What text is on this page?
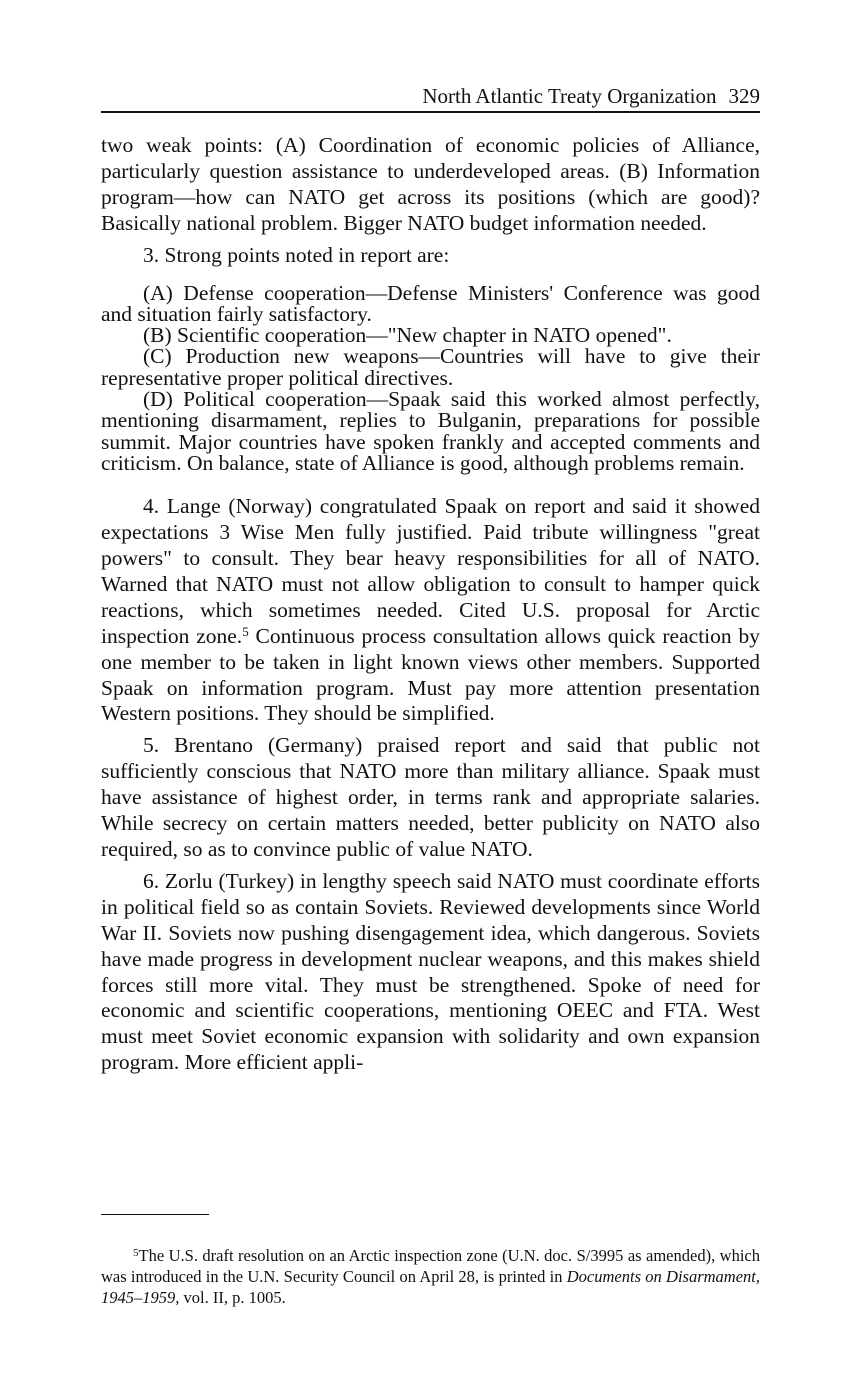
North Atlantic Treaty Organization 329

two weak points: (A) Coordination of economic policies of Alliance, particularly question assistance to underdeveloped areas. (B) Information program—how can NATO get across its positions (which are good)? Basically national problem. Bigger NATO budget information needed.

3. Strong points noted in report are:

(A) Defense cooperation—Defense Ministers' Conference was good and situation fairly satisfactory.

(B) Scientific cooperation—"New chapter in NATO opened".

(C) Production new weapons—Countries will have to give their representative proper political directives.

(D) Political cooperation—Spaak said this worked almost perfectly, mentioning disarmament, replies to Bulganin, preparations for possible summit. Major countries have spoken frankly and accepted comments and criticism. On balance, state of Alliance is good, although problems remain.

4. Lange (Norway) congratulated Spaak on report and said it showed expectations 3 Wise Men fully justified. Paid tribute willingness "great powers" to consult. They bear heavy responsibilities for all of NATO. Warned that NATO must not allow obligation to consult to hamper quick reactions, which sometimes needed. Cited U.S. proposal for Arctic inspection zone.$^5$ Continuous process consultation allows quick reaction by one member to be taken in light known views other members. Supported Spaak on information program. Must pay more attention presentation Western positions. They should be simplified.

5. Brentano (Germany) praised report and said that public not sufficiently conscious that NATO more than military alliance. Spaak must have assistance of highest order, in terms rank and appropriate salaries. While secrecy on certain matters needed, better publicity on NATO also required, so as to convince public of value NATO.

6. Zorlu (Turkey) in lengthy speech said NATO must coordinate efforts in political field so as contain Soviets. Reviewed developments since World War II. Soviets now pushing disengagement idea, which dangerous. Soviets have made progress in development nuclear weapons, and this makes shield forces still more vital. They must be strengthened. Spoke of need for economic and scientific cooperations, mentioning OEEC and FTA. West must meet Soviet economic expansion with solidarity and own expansion program. More efficient appli-

$^5$The U.S. draft resolution on an Arctic inspection zone (U.N. doc. S/3995 as amended), which was introduced in the U.N. Security Council on April 28, is printed in Documents on Disarmament, 1945–1959, vol. II, p. 1005.
